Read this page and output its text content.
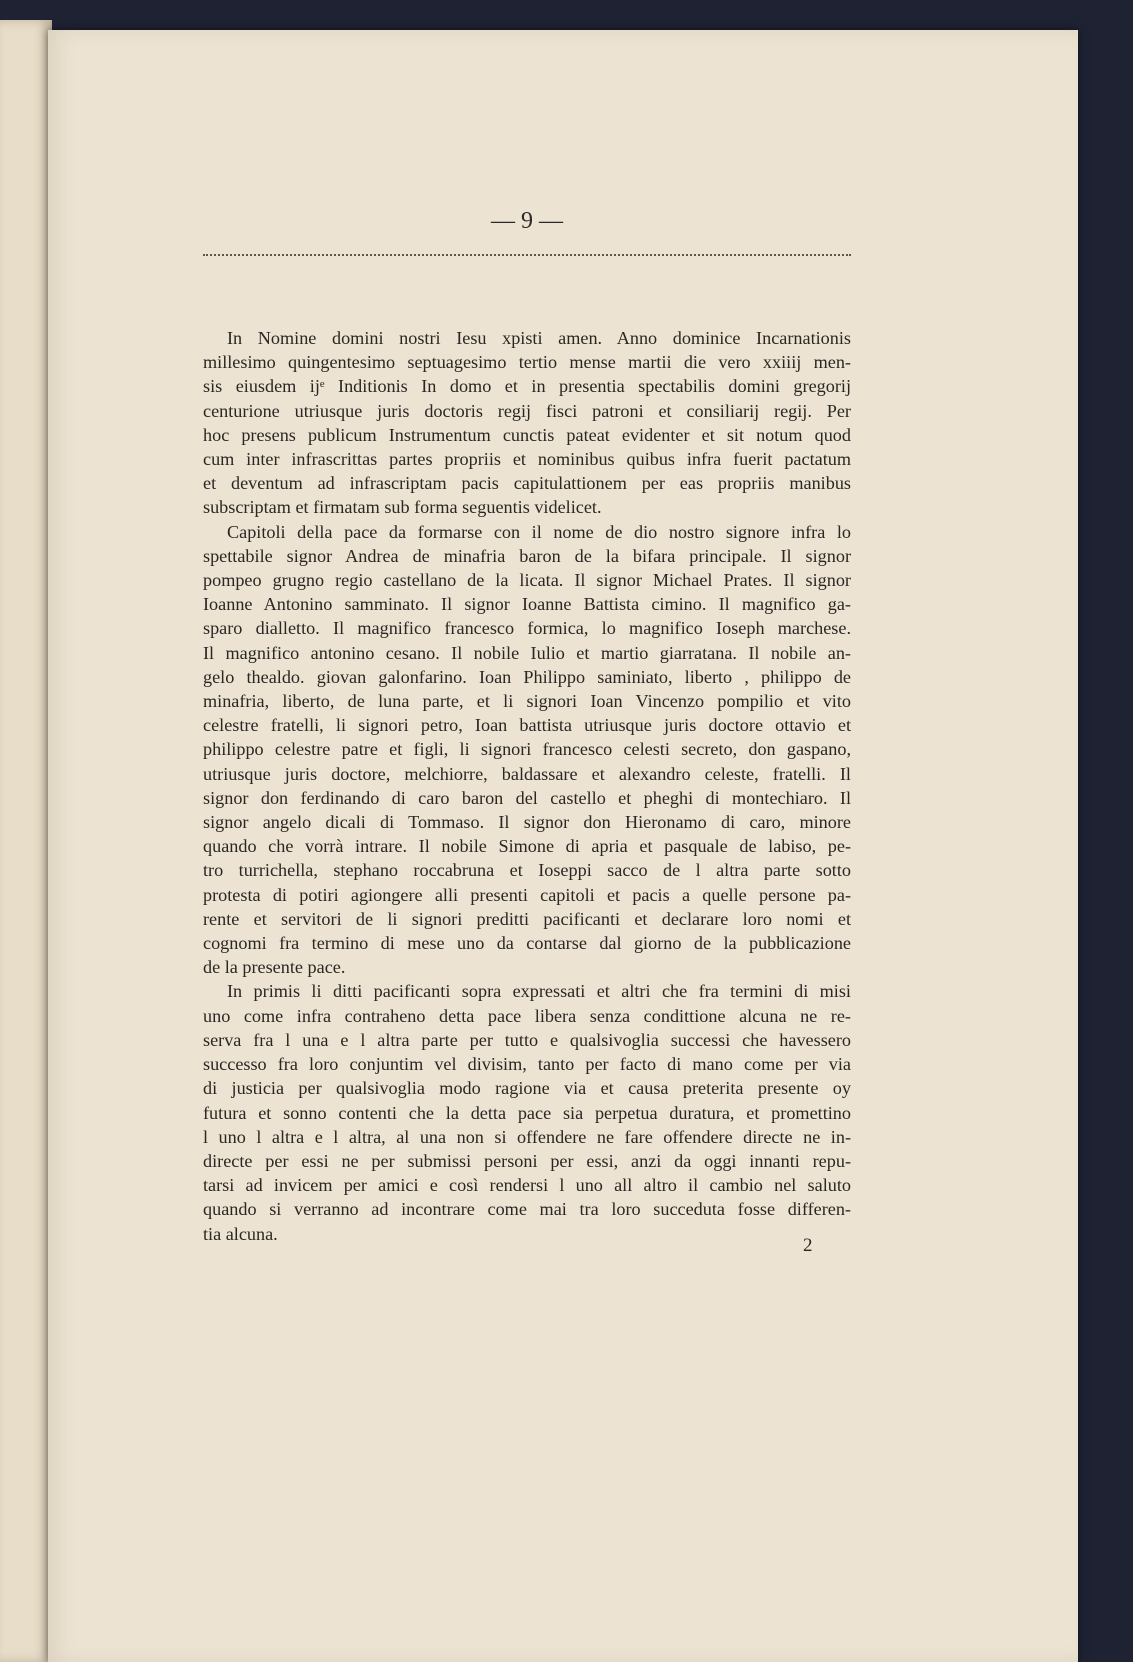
— 9 —

In Nomine domini nostri Iesu xpisti amen. Anno dominice Incarnationis
millesimo quingentesimo septuagesimo tertio mense martii die vero xxiiij men-
sis eiusdem ijᵉ Inditionis In domo et in presentia spectabilis domini gregorij
centurione utriusque juris doctoris regij fisci patroni et consiliarij regij. Per
hoc presens publicum Instrumentum cunctis pateat evidenter et sit notum quod
cum inter infrascrittas partes propriis et nominibus quibus infra fuerit pactatum
et deventum ad infrascriptam pacis capitulattionem per eas propriis manibus
subscriptam et firmatam sub forma seguentis videlicet.

Capitoli della pace da formarse con il nome de dio nostro signore infra lo
spettabile signor Andrea de minafria baron de la bifara principale. Il signor
pompeo grugno regio castellano de la licata. Il signor Michael Prates. Il signor
Ioanne Antonino samminato. Il signor Ioanne Battista cimino. Il magnifico ga-
sparo dialletto. Il magnifico francesco formica, lo magnifico Ioseph marchese.
Il magnifico antonino cesano. Il nobile Iulio et martio giarratana. Il nobile an-
gelo thealdo. giovan galonfarino. Ioan Philippo saminiato, liberto , philippo de
minafria, liberto, de luna parte, et li signori Ioan Vincenzo pompilio et vito
celestre fratelli, li signori petro, Ioan battista utriusque juris doctore ottavio et
philippo celestre patre et figli, li signori francesco celesti secreto, don gaspano,
utriusque juris doctore, melchiorre, baldassare et alexandro celeste, fratelli. Il
signor don ferdinando di caro baron del castello et pheghi di montechiaro. Il
signor angelo dicali di Tommaso. Il signor don Hieronamo di caro, minore
quando che vorrà intrare. Il nobile Simone di apria et pasquale de labiso, pe-
tro turrichella, stephano roccabruna et Ioseppi sacco de l altra parte sotto
protesta di potiri agiongere alli presenti capitoli et pacis a quelle persone pa-
rente et servitori de li signori preditti pacificanti et declarare loro nomi et
cognomi fra termino di mese uno da contarse dal giorno de la pubblicazione
de la presente pace.

In primis li ditti pacificanti sopra expressati et altri che fra termini di misi
uno come infra contraheno detta pace libera senza condittione alcuna ne re-
serva fra l una e l altra parte per tutto e qualsivoglia successi che havessero
successo fra loro conjuntim vel divisim, tanto per facto di mano come per via
di justicia per qualsivoglia modo ragione via et causa preterita presente oy
futura et sonno contenti che la detta pace sia perpetua duratura, et promettino
l uno l altra e l altra, al una non si offendere ne fare offendere directe ne in-
directe per essi ne per submissi personi per essi, anzi da oggi innanti repu-
tarsi ad invicem per amici e così rendersi l uno all altro il cambio nel saluto
quando si verranno ad incontrare come mai tra loro succeduta fosse differen-
tia alcuna.

2
